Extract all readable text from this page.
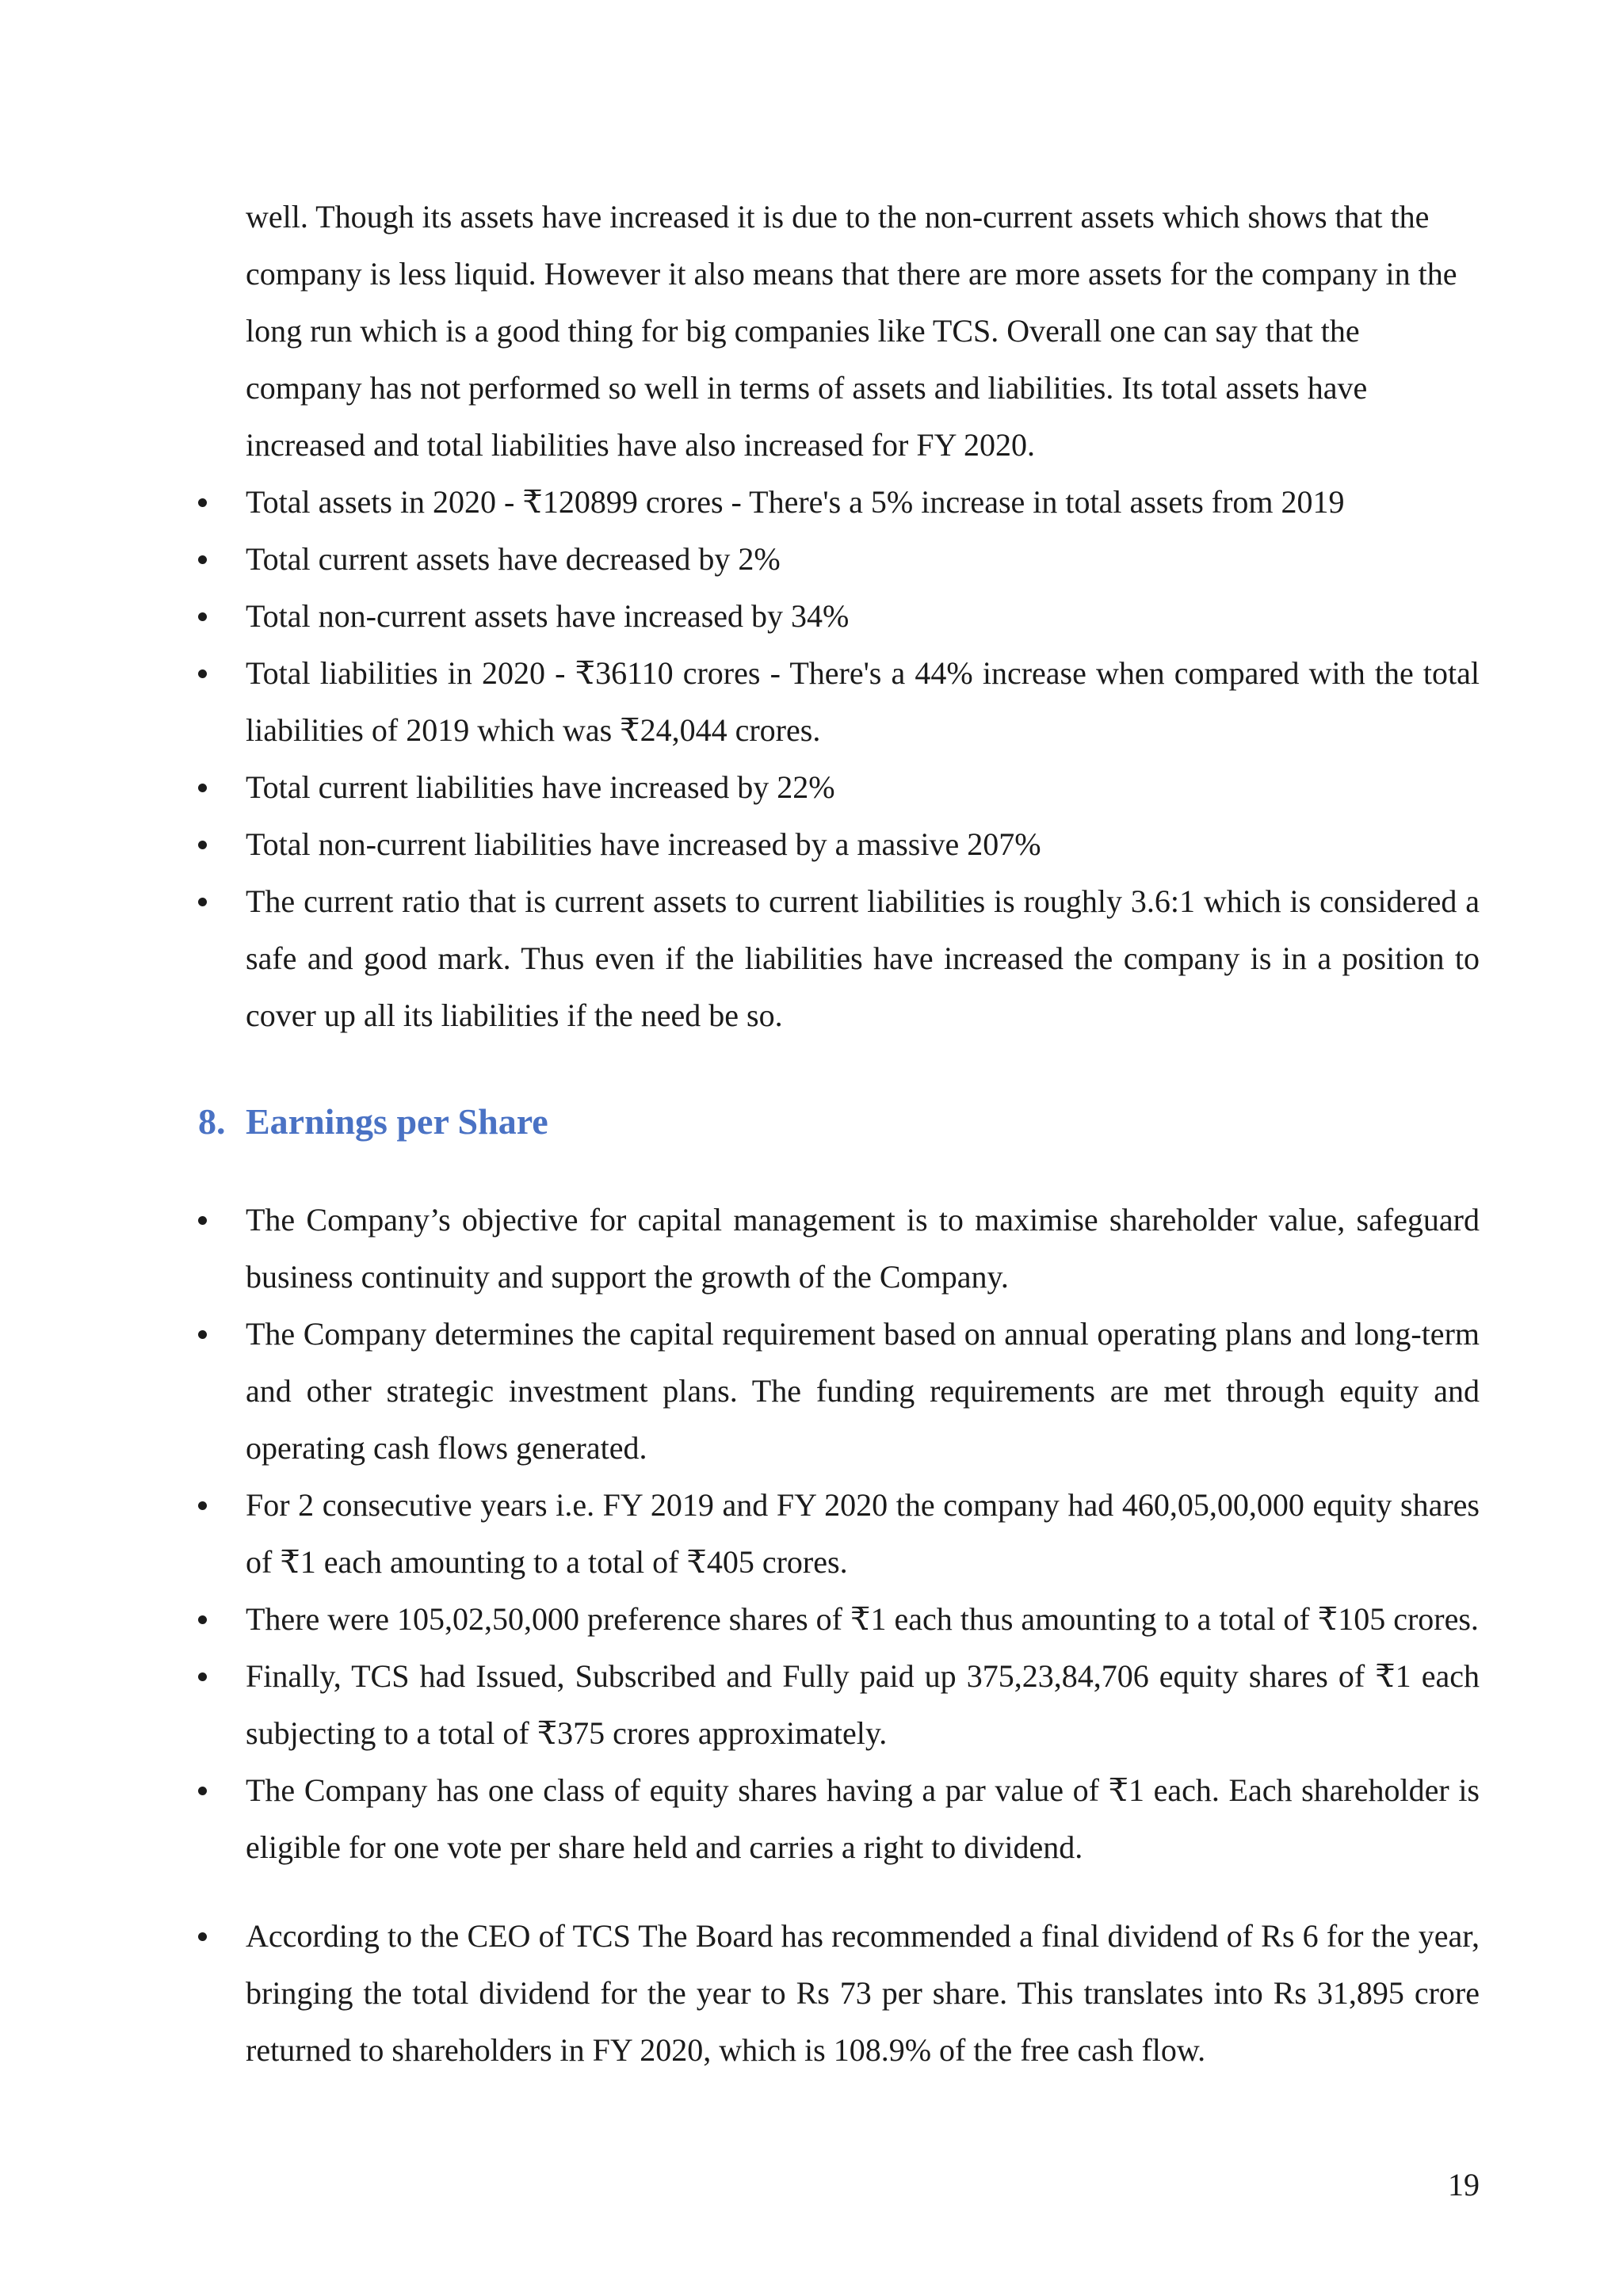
well. Though its assets have increased it is due to the non-current assets which shows that the company is less liquid. However it also means that there are more assets for the company in the long run which is a good thing for big companies like TCS. Overall one can say that the company has not performed so well in terms of assets and liabilities. Its total assets have increased and total liabilities have also increased for FY 2020.

Total assets in 2020 - ₹120899 crores - There's a 5% increase in total assets from 2019
Total current assets have decreased by 2%
Total non-current assets have increased by 34%
Total liabilities in 2020 - ₹36110 crores - There's a 44% increase when compared with the total liabilities of 2019 which was ₹24,044 crores.
Total current liabilities have increased by 22%
Total non-current liabilities have increased by a massive 207%
The current ratio that is current assets to current liabilities is roughly 3.6:1 which is considered a safe and good mark. Thus even if the liabilities have increased the company is in a position to cover up all its liabilities if the need be so.
8. Earnings per Share
The Company’s objective for capital management is to maximise shareholder value, safeguard business continuity and support the growth of the Company.
The Company determines the capital requirement based on annual operating plans and long-term and other strategic investment plans. The funding requirements are met through equity and operating cash flows generated.
For 2 consecutive years i.e. FY 2019 and FY 2020 the company had 460,05,00,000 equity shares of ₹1 each amounting to a total of ₹405 crores.
There were 105,02,50,000 preference shares of ₹1 each thus amounting to a total of ₹105 crores.
Finally, TCS had Issued, Subscribed and Fully paid up 375,23,84,706 equity shares of ₹1 each subjecting to a total of ₹375 crores approximately.
The Company has one class of equity shares having a par value of ₹1 each. Each shareholder is eligible for one vote per share held and carries a right to dividend.
According to the CEO of TCS The Board has recommended a final dividend of Rs 6 for the year, bringing the total dividend for the year to Rs 73 per share. This translates into Rs 31,895 crore returned to shareholders in FY 2020, which is 108.9% of the free cash flow.
19
